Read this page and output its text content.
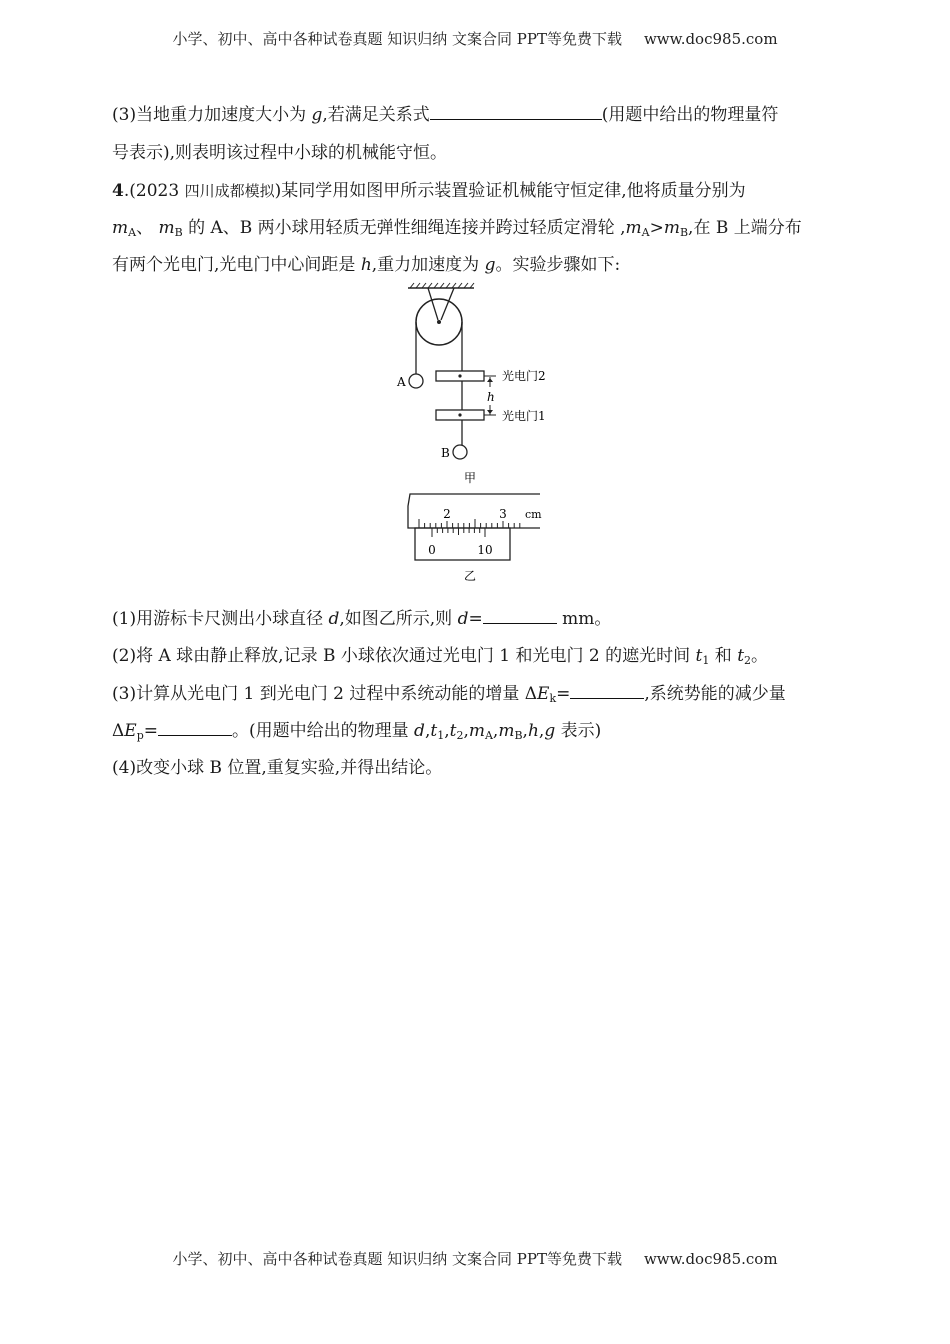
小学、初中、高中各种试卷真题 知识归纳 文案合同 PPT等免费下载 www.doc985.com
(3)当地重力加速度大小为 g,若满足关系式	(用题中给出的物理量符
号表示),则表明该过程中小球的机械能守恒。
4.(2023 四川成都模拟)某同学用如图甲所示装置验证机械能守恒定律,他将质量分别为
$m_A$、 $m_B$ 的 A、B 两小球用轻质无弹性细绳连接并跨过轻质定滑轮 $,m_A>m_B$,在 B 上端分布
有两个光电门,光电门中心间距是 h,重力加速度为 g。实验步骤如下:
A	光电门2
h
光电门1
B
甲
2	3 cm
0	10
乙
(1)用游标卡尺测出小球直径 d,如图乙所示,则 d=	mm。
(2)将 A 球由静止释放,记录 B 小球依次通过光电门 1 和光电门 2 的遮光时间 $t_1$ 和 $t_2$。
(3)计算从光电门 1 到光电门 2 过程中系统动能的增量 $\Delta E_k=$	,系统势能的减少量
$\Delta E_p=$	。(用题中给出的物理量 $d,t_1,t_2,m_A,m_B,h,g$ 表示)
(4)改变小球 B 位置,重复实验,并得出结论。
小学、初中、高中各种试卷真题 知识归纳 文案合同 PPT等免费下载 www.doc985.com
